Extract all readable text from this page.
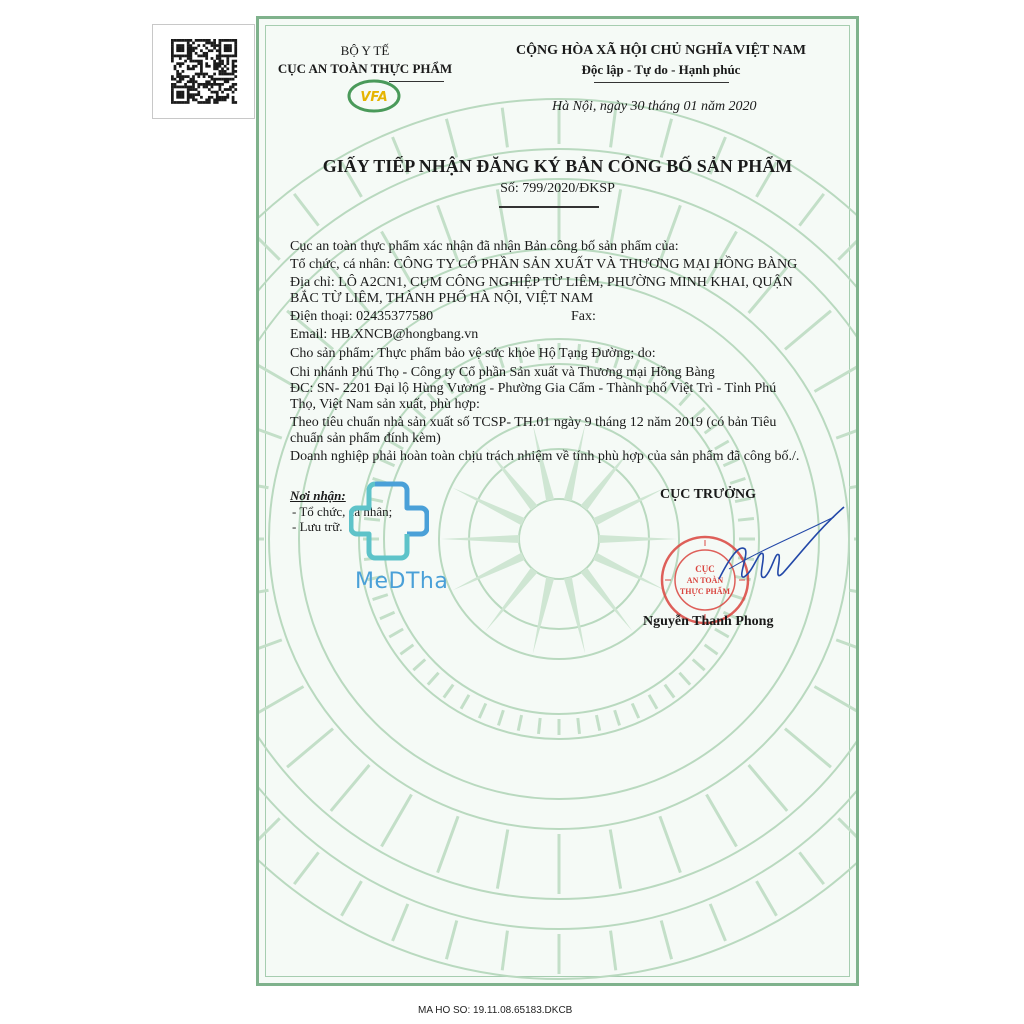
BỘ Y TẾ
CỤC AN TOÀN THỰC PHẨM
VFA
CỘNG HÒA XÃ HỘI CHỦ NGHĨA VIỆT NAM
Độc lập - Tự do - Hạnh phúc
Hà Nội, ngày 30 tháng 01 năm 2020
GIẤY TIẾP NHẬN ĐĂNG KÝ BẢN CÔNG BỐ SẢN PHẨM
Số: 799/2020/ĐKSP
Cục an toàn thực phẩm xác nhận đã nhận Bản công bố sản phẩm của:
Tổ chức, cá nhân: CÔNG TY CỔ PHẦN SẢN XUẤT VÀ THƯƠNG MẠI HỒNG BÀNG
Địa chỉ: LÔ A2CN1, CỤM CÔNG NGHIỆP TỪ LIÊM, PHƯỜNG MINH KHAI, QUẬN
BẮC TỪ LIÊM, THÀNH PHỐ HÀ NỘI, VIỆT NAM
Điện thoại: 02435377580	Fax:
Email: HB.XNCB@hongbang.vn
Cho sản phẩm: Thực phẩm bảo vệ sức khỏe Hộ Tạng Đường; do:
Chi nhánh Phú Thọ - Công ty Cổ phần Sản xuất và Thương mại Hồng Bàng
ĐC: SN- 2201 Đại lộ Hùng Vương - Phường Gia Cẩm - Thành phố Việt Trì - Tỉnh Phú
Thọ, Việt Nam sản xuất, phù hợp:
Theo tiêu chuẩn nhà sản xuất số TCSP- TH.01 ngày 9 tháng 12 năm 2019 (có bản Tiêu
chuẩn sản phẩm đính kèm)
Doanh nghiệp phải hoàn toàn chịu trách nhiệm về tính phù hợp của sản phẩm đã công bố./.
Nơi nhận:
- Tổ chức, cá nhân;
- Lưu trữ.
MeDTha
CỤC TRƯỞNG
CỤC
AN TOÀN
THỰC PHẨM
Nguyễn Thanh Phong
MA HO SO: 19.11.08.65183.DKCB
